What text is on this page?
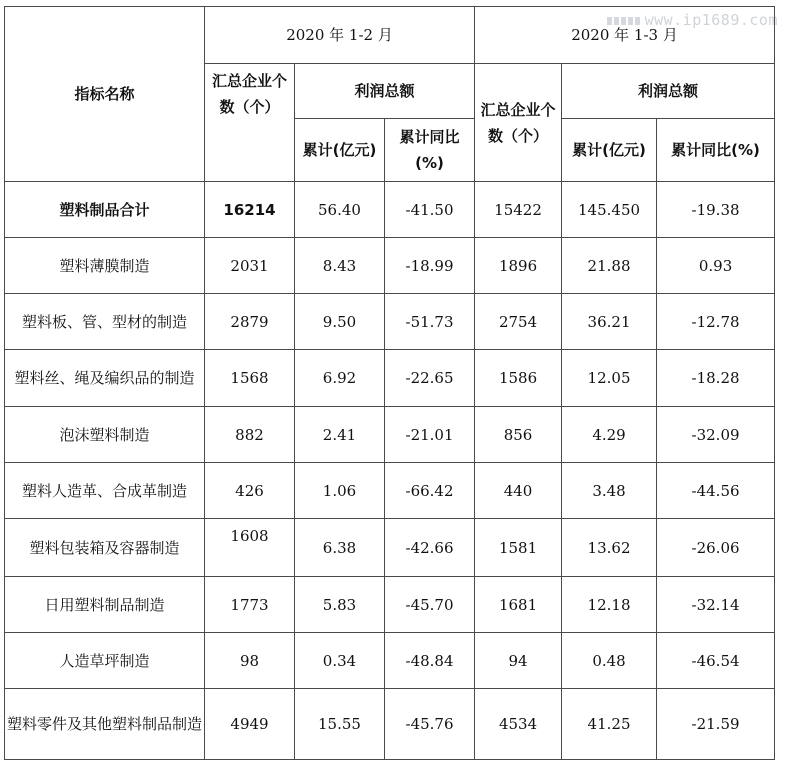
www.ip1689.com
指标名称	2020 年 1-2 月			2020 年 1-3 月		
	汇总企业个数（个）	利润总额		汇总企业个数（个）	利润总额	
		累计(亿元)	累计同比(%)		累计(亿元)	累计同比(%)
塑料制品合计	16214	56.40	-41.50	15422	145.450	-19.38
塑料薄膜制造	2031	8.43	-18.99	1896	21.88	0.93
塑料板、管、型材的制造	2879	9.50	-51.73	2754	36.21	-12.78
塑料丝、绳及编织品的制造	1568	6.92	-22.65	1586	12.05	-18.28
泡沫塑料制造	882	2.41	-21.01	856	4.29	-32.09
塑料人造革、合成革制造	426	1.06	-66.42	440	3.48	-44.56
塑料包装箱及容器制造	1608	6.38	-42.66	1581	13.62	-26.06
日用塑料制品制造	1773	5.83	-45.70	1681	12.18	-32.14
人造草坪制造	98	0.34	-48.84	94	0.48	-46.54
塑料零件及其他塑料制品制造	4949	15.55	-45.76	4534	41.25	-21.59
